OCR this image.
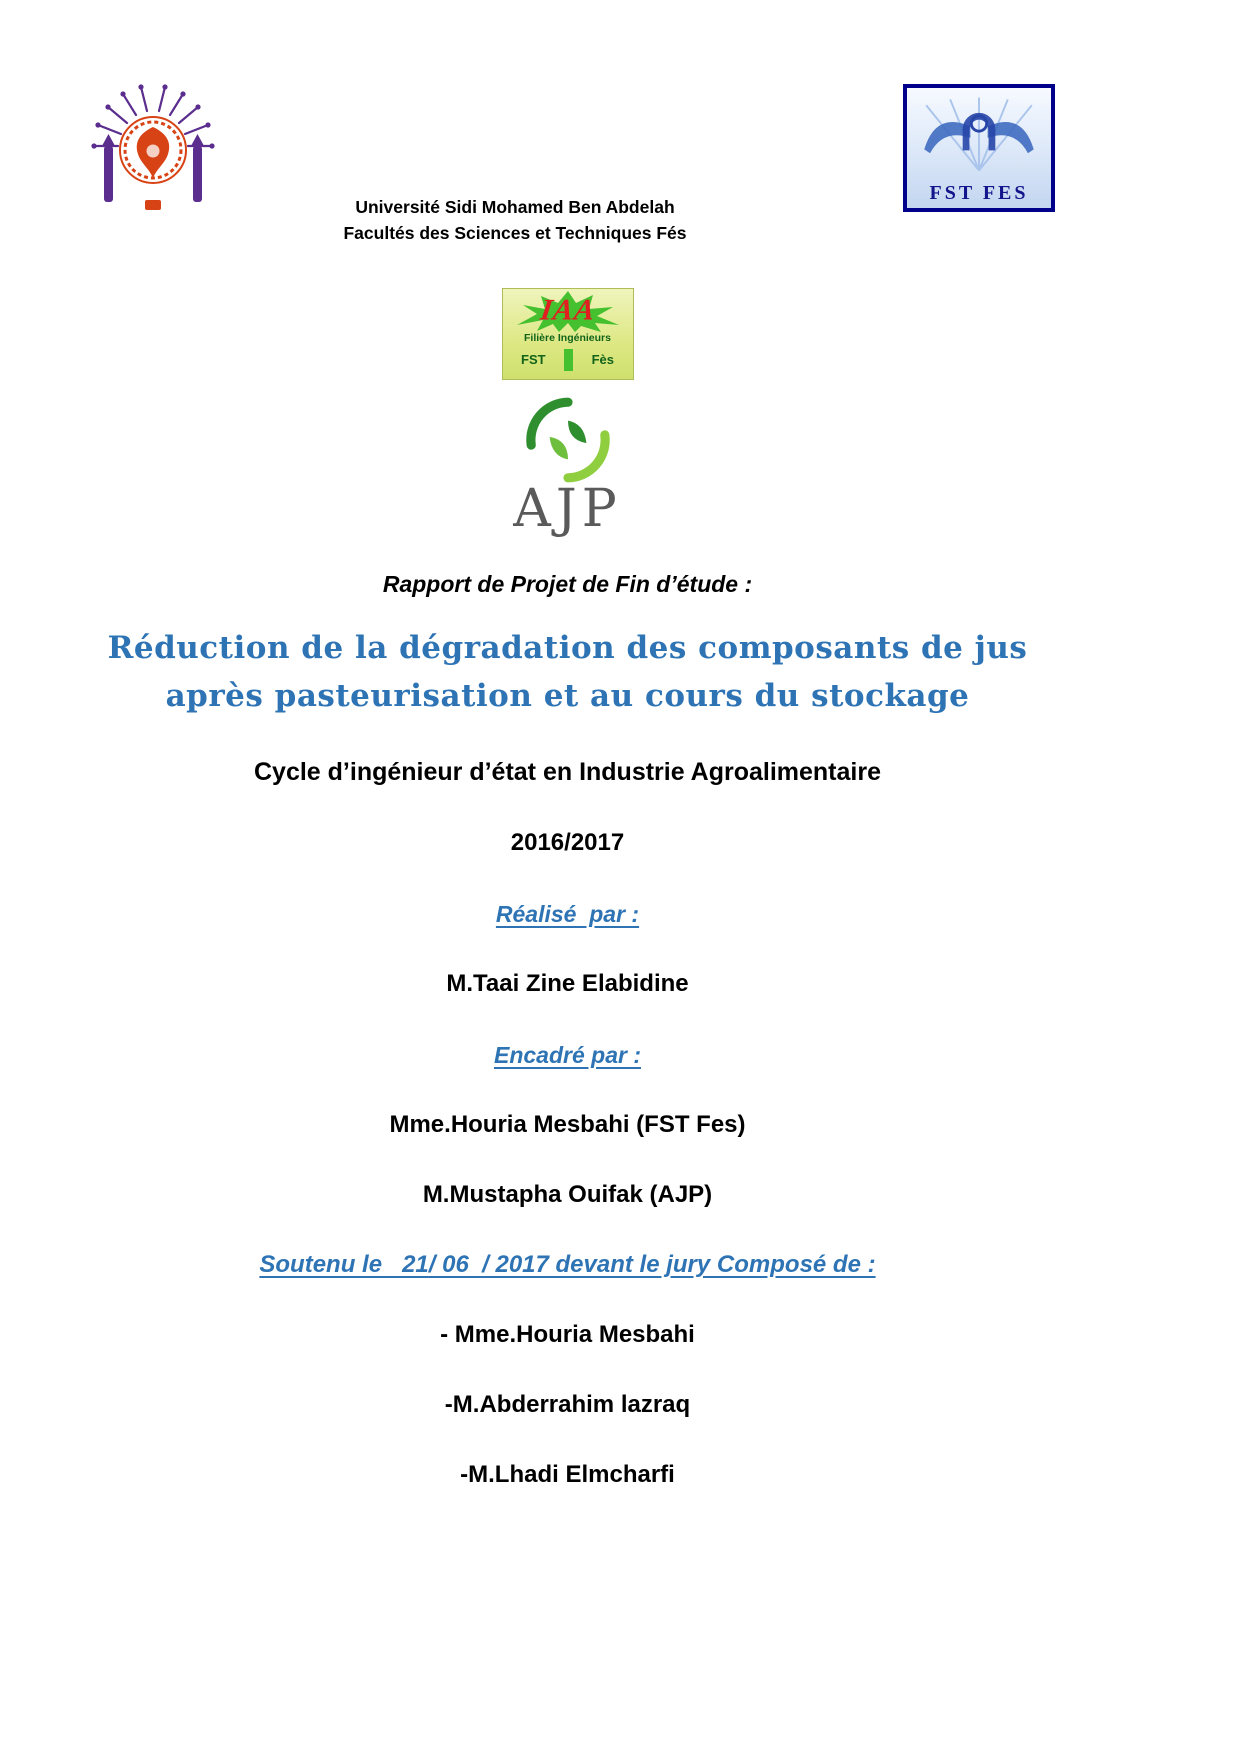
FST FES
Université Sidi Mohamed Ben Abdelah
Facultés des Sciences et Techniques Fés
IAA
Filière Ingénieurs
FST	Fès
AJP
Rapport de Projet de Fin d’étude :
Réduction de la dégradation des composants de jus
après pasteurisation et au cours du stockage
Cycle d’ingénieur d’état en Industrie Agroalimentaire
2016/2017
Réalisé  par :
M.Taai Zine Elabidine
Encadré par :
Mme.Houria Mesbahi (FST Fes)
M.Mustapha Ouifak (AJP)
Soutenu le   21/ 06  / 2017 devant le jury Composé de :
- Mme.Houria Mesbahi
-M.Abderrahim lazraq
-M.Lhadi Elmcharfi
